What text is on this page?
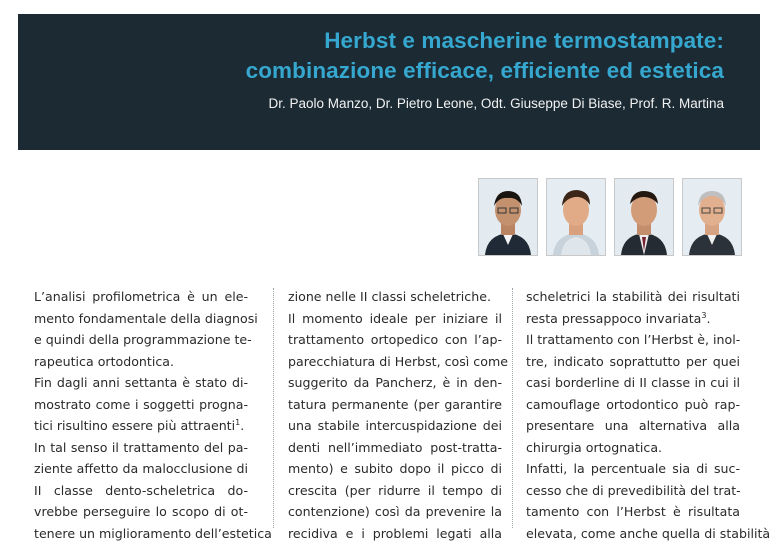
Herbst e mascherine termostampate:
combinazione efficace, efficiente ed estetica
Dr. Paolo Manzo, Dr. Pietro Leone, Odt. Giuseppe Di Biase, Prof. R. Martina
L’analisi profilometrica è un ele-
mento fondamentale della diagnosi
e quindi della programmazione te-
rapeutica ortodontica.
Fin dagli anni settanta è stato di-
mostrato come i soggetti progna-
tici risultino essere più attraenti$^1$.
In tal senso il trattamento del pa-
ziente affetto da malocclusione di
II classe dento-scheletrica do-
vrebbe perseguire lo scopo di ot-
tenere un miglioramento dell’estetica
zione nelle II classi scheletriche.
Il momento ideale per iniziare il
trattamento ortopedico con l’ap-
parecchiatura di Herbst, così come
suggerito da Pancherz, è in den-
tatura permanente (per garantire
una stabile intercuspidazione dei
denti nell’immediato post-tratta-
mento) e subito dopo il picco di
crescita (per ridurre il tempo di
contenzione) così da prevenire la
recidiva e i problemi legati alla
scheletrici la stabilità dei risultati
resta pressappoco invariata$^3$.
Il trattamento con l’Herbst è, inol-
tre, indicato soprattutto per quei
casi borderline di II classe in cui il
camouflage ortodontico può rap-
presentare una alternativa alla
chirurgia ortognatica.
Infatti, la percentuale sia di suc-
cesso che di prevedibilità del trat-
tamento con l’Herbst è risultata
elevata, come anche quella di stabilità
